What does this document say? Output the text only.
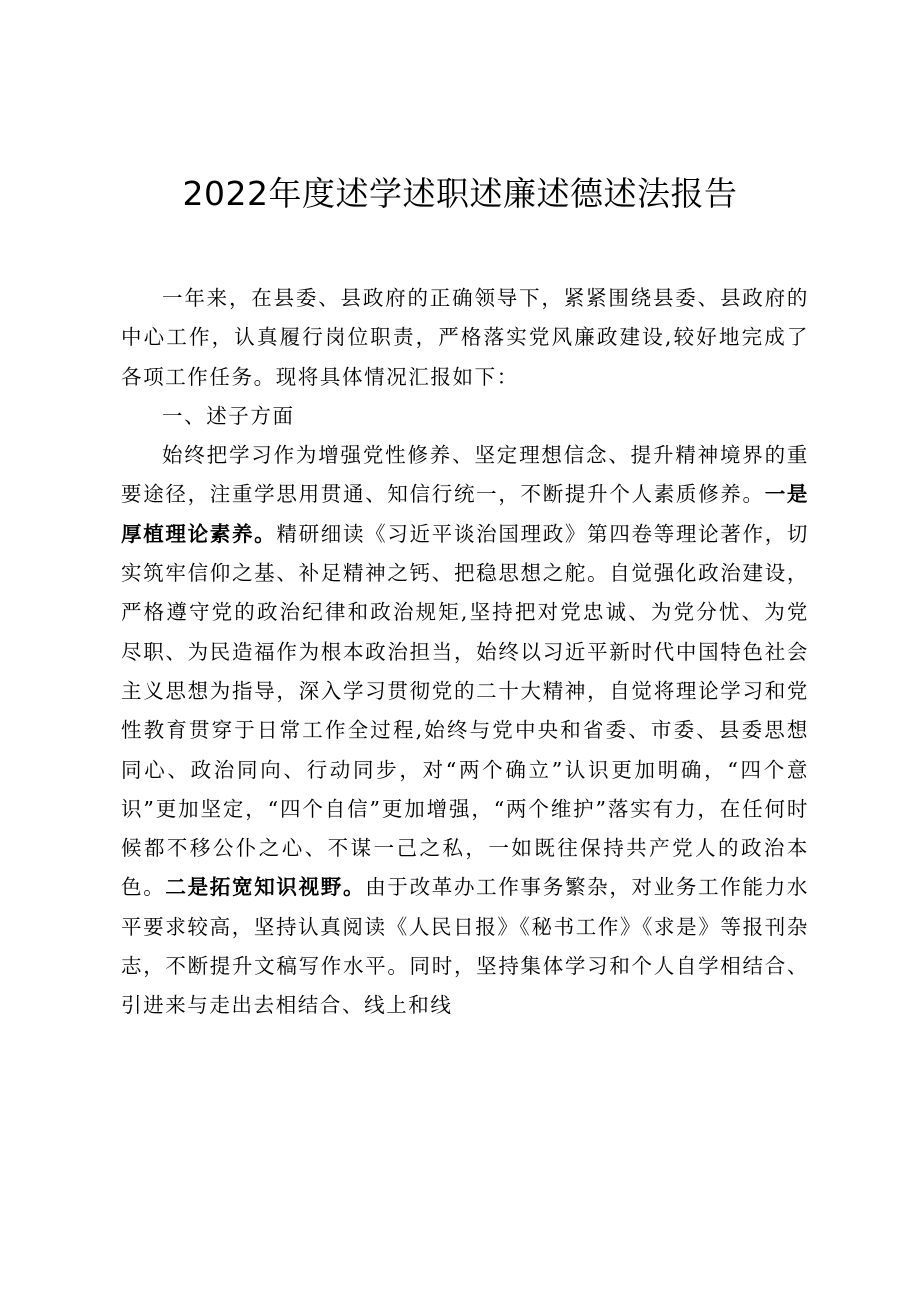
2022年度述学述职述廉述德述法报告

一年来，在县委、县政府的正确领导下，紧紧围绕县委、县政府的中心工作，认真履行岗位职责，严格落实党风廉政建设,较好地完成了各项工作任务。现将具体情况汇报如下：

一、述子方面

始终把学习作为增强党性修养、坚定理想信念、提升精神境界的重要途径，注重学思用贯通、知信行统一，不断提升个人素质修养。一是厚植理论素养。精研细读《习近平谈治国理政》第四卷等理论著作，切实筑牢信仰之基、补足精神之钙、把稳思想之舵。自觉强化政治建设，严格遵守党的政治纪律和政治规矩,坚持把对党忠诚、为党分忧、为党尽职、为民造福作为根本政治担当，始终以习近平新时代中国特色社会主义思想为指导，深入学习贯彻党的二十大精神，自觉将理论学习和党性教育贯穿于日常工作全过程,始终与党中央和省委、市委、县委思想同心、政治同向、行动同步，对“两个确立”认识更加明确，“四个意识”更加坚定，“四个自信”更加增强，“两个维护”落实有力，在任何时候都不移公仆之心、不谋一己之私，一如既往保持共产党人的政治本色。二是拓宽知识视野。由于改革办工作事务繁杂，对业务工作能力水平要求较高，坚持认真阅读《人民日报》《秘书工作》《求是》等报刊杂志，不断提升文稿写作水平。同时，坚持集体学习和个人自学相结合、引进来与走出去相结合、线上和线
